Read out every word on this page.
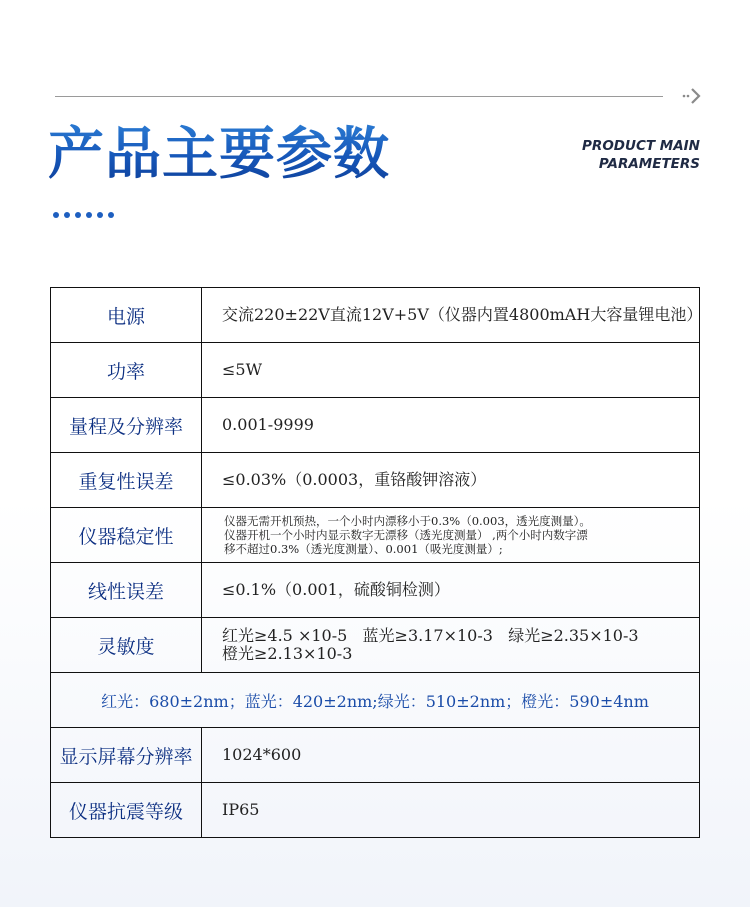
产品主要参数	PRODUCT MAIN
PARAMETERS
电源	交流220±22V直流12V+5V（仪器内置4800mAH大容量锂电池）
功率	≤5W
量程及分辨率	0.001-9999
重复性误差	≤0.03%（0.0003，重铬酸钾溶液）
仪器稳定性	仪器无需开机预热，一个小时内漂移小于0.3%（0.003，透光度测量）。
仪器开机一个小时内显示数字无漂移（透光度测量） ,两个小时内数字漂
移不超过0.3%（透光度测量）、0.001（吸光度测量）;

线性误差	≤0.1%（0.001，硫酸铜检测）
灵敏度	红光≥4.5 ×10-5   蓝光≥3.17×10-3   绿光≥2.35×10-3
橙光≥2.13×10-3

红光：680±2nm；蓝光：420±2nm;绿光：510±2nm；橙光：590±4nm	
显示屏幕分辨率	1024*600
仪器抗震等级	IP65
